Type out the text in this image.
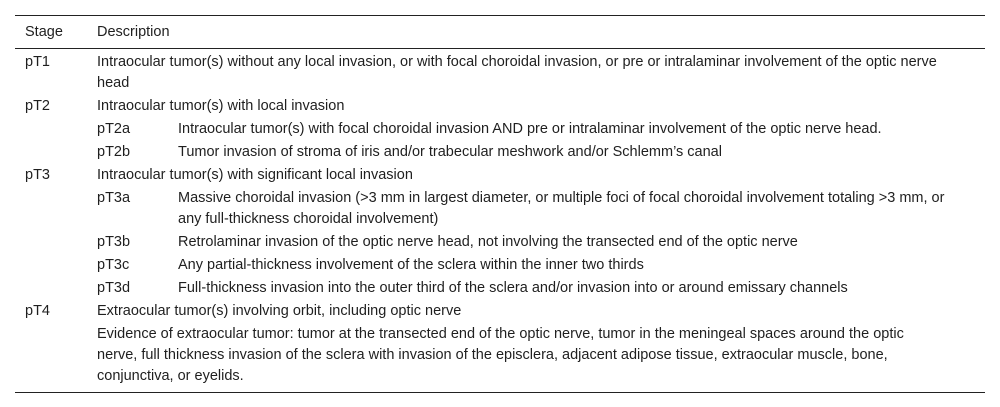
Stage	Description
pT1	Intraocular tumor(s) without any local invasion, or with focal choroidal invasion, or pre or intralaminar involvement of the optic nerve head
pT2	Intraocular tumor(s) with local invasion
pT2a	Intraocular tumor(s) with focal choroidal invasion AND pre or intralaminar involvement of the optic nerve head.
pT2b	Tumor invasion of stroma of iris and/or trabecular meshwork and/or Schlemm’s canal
pT3	Intraocular tumor(s) with significant local invasion
pT3a	Massive choroidal invasion (>3 mm in largest diameter, or multiple foci of focal choroidal involvement totaling >3 mm, or any full-thickness choroidal involvement)
pT3b	Retrolaminar invasion of the optic nerve head, not involving the transected end of the optic nerve
pT3c	Any partial-thickness involvement of the sclera within the inner two thirds
pT3d	Full-thickness invasion into the outer third of the sclera and/or invasion into or around emissary channels
pT4	Extraocular tumor(s) involving orbit, including optic nerve
Evidence of extraocular tumor: tumor at the transected end of the optic nerve, tumor in the meningeal spaces around the optic nerve, full thickness invasion of the sclera with invasion of the episclera, adjacent adipose tissue, extraocular muscle, bone, conjunctiva, or eyelids.
